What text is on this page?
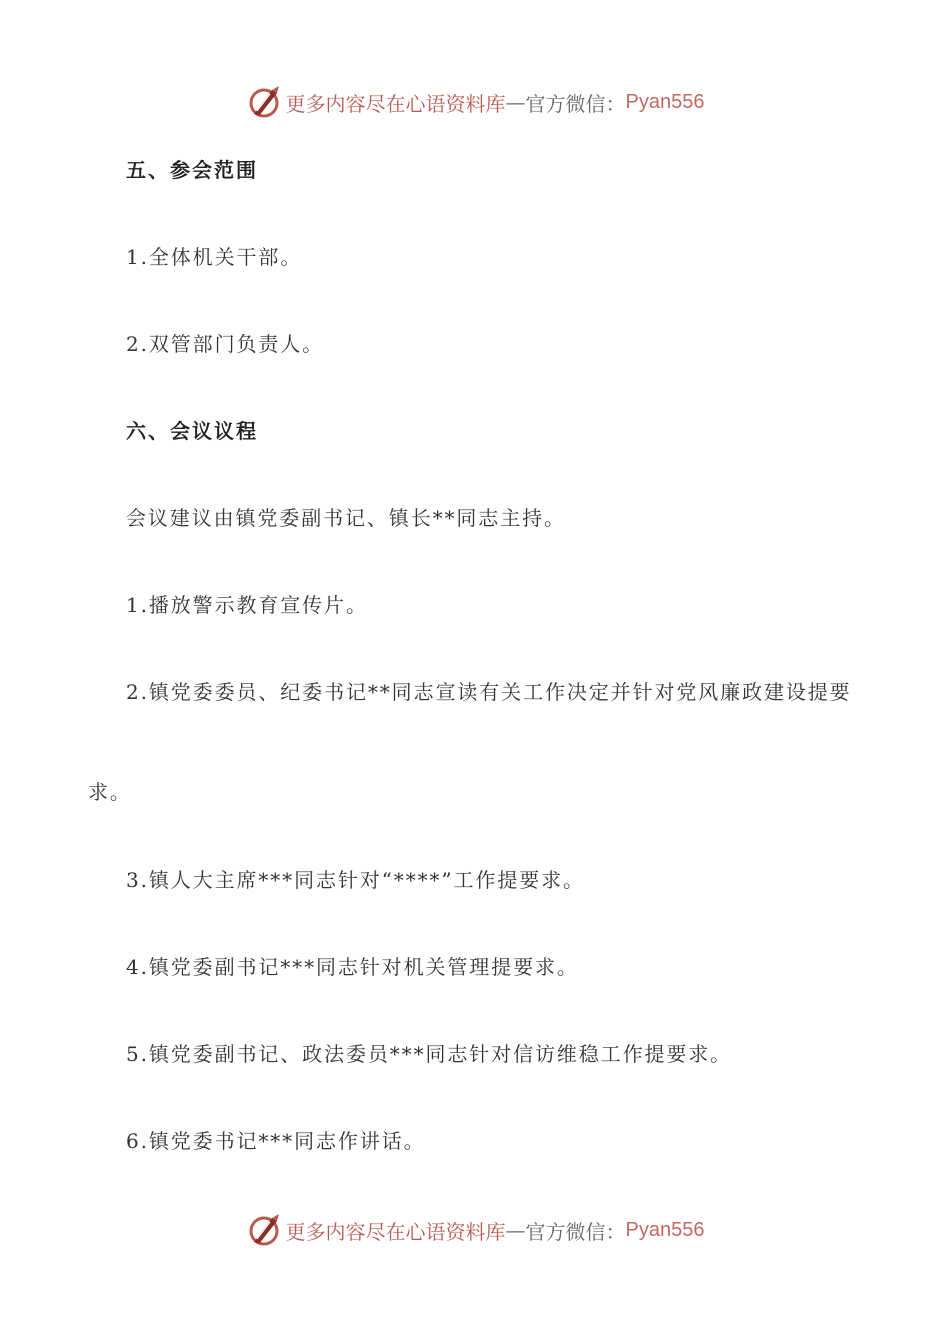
更多内容尽在心语资料库 — 官方微信： Pyan556
五、参会范围
1.全体机关干部。
2.双管部门负责人。
六、会议议程
会议建议由镇党委副书记、镇长**同志主持。
1.播放警示教育宣传片。
2.镇党委委员、纪委书记**同志宣读有关工作决定并针对党风廉政建设提要
求。
3.镇人大主席***同志针对“****”工作提要求。
4.镇党委副书记***同志针对机关管理提要求。
5.镇党委副书记、政法委员***同志针对信访维稳工作提要求。
6.镇党委书记***同志作讲话。
更多内容尽在心语资料库 — 官方微信： Pyan556
